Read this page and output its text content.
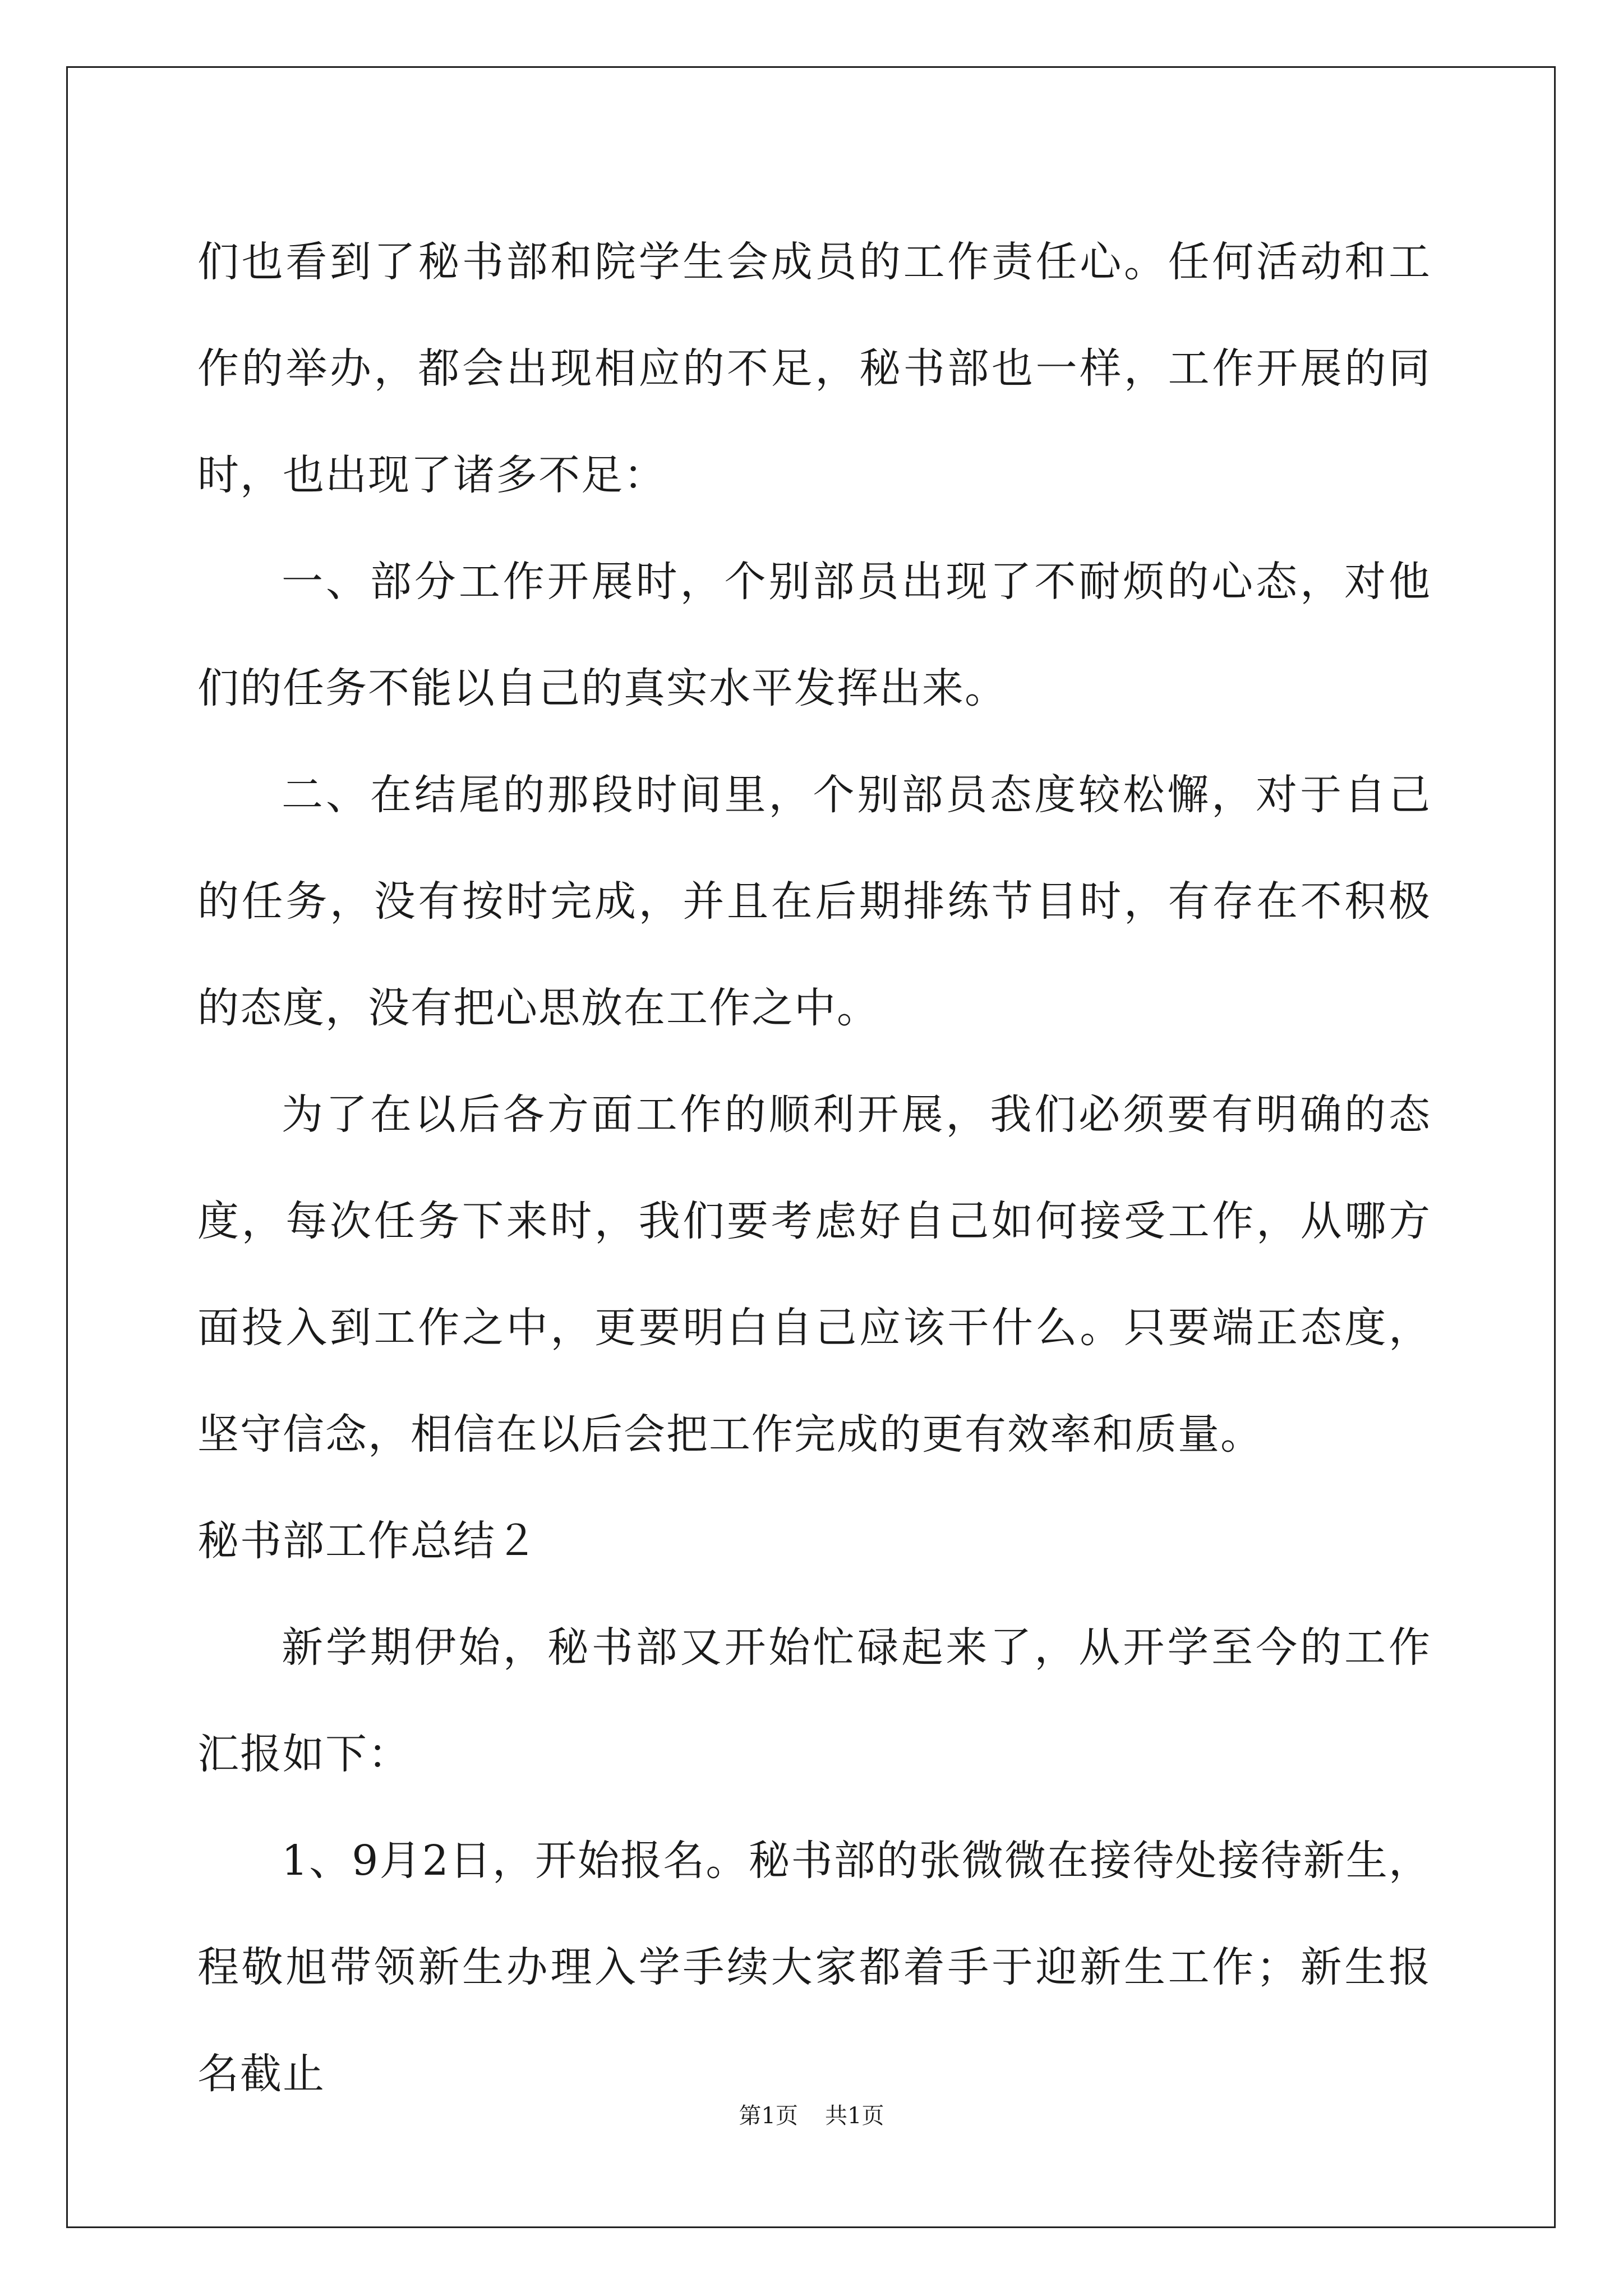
们也看到了秘书部和院学生会成员的工作责任心。任何活动和工作的举办，都会出现相应的不足，秘书部也一样，工作开展的同时，也出现了诸多不足：

一、部分工作开展时，个别部员出现了不耐烦的心态，对他们的任务不能以自己的真实水平发挥出来。

二、在结尾的那段时间里，个别部员态度较松懈，对于自己的任务，没有按时完成，并且在后期排练节目时，有存在不积极的态度，没有把心思放在工作之中。

为了在以后各方面工作的顺利开展，我们必须要有明确的态度，每次任务下来时，我们要考虑好自己如何接受工作，从哪方面投入到工作之中，更要明白自己应该干什么。只要端正态度，坚守信念，相信在以后会把工作完成的更有效率和质量。

秘书部工作总结２

新学期伊始，秘书部又开始忙碌起来了，从开学至今的工作汇报如下：

1、9月2日，开始报名。秘书部的张微微在接待处接待新生，程敬旭带领新生办理入学手续大家都着手于迎新生工作；新生报名截止

第1页 共1页
